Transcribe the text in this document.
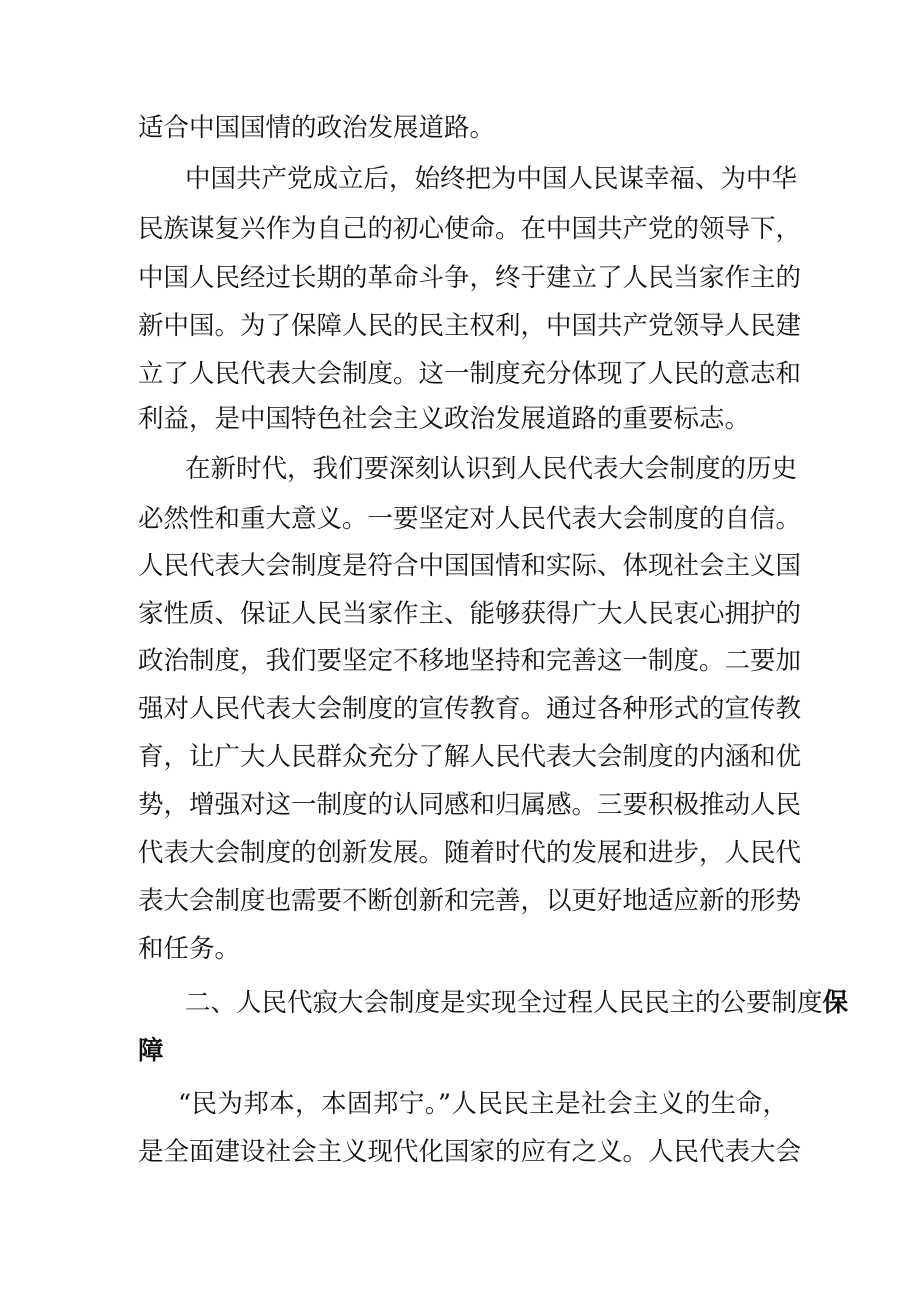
适合中国国情的政治发展道路。
中国共产党成立后，始终把为中国人民谋幸福、为中华
民族谋复兴作为自己的初心使命。在中国共产党的领导下，
中国人民经过长期的革命斗争，终于建立了人民当家作主的
新中国。为了保障人民的民主权利，中国共产党领导人民建
立了人民代表大会制度。这一制度充分体现了人民的意志和
利益，是中国特色社会主义政治发展道路的重要标志。
在新时代，我们要深刻认识到人民代表大会制度的历史
必然性和重大意义。一要坚定对人民代表大会制度的自信。
人民代表大会制度是符合中国国情和实际、体现社会主义国
家性质、保证人民当家作主、能够获得广大人民衷心拥护的
政治制度，我们要坚定不移地坚持和完善这一制度。二要加
强对人民代表大会制度的宣传教育。通过各种形式的宣传教
育，让广大人民群众充分了解人民代表大会制度的内涵和优
势，增强对这一制度的认同感和归属感。三要积极推动人民
代表大会制度的创新发展。随着时代的发展和进步，人民代
表大会制度也需要不断创新和完善，以更好地适应新的形势
和任务。
二、人民代寂大会制度是实现全过程人民民主的公要制度保
障
“民为邦本，本固邦宁。”人民民主是社会主义的生命，
是全面建设社会主义现代化国家的应有之义。人民代表大会
